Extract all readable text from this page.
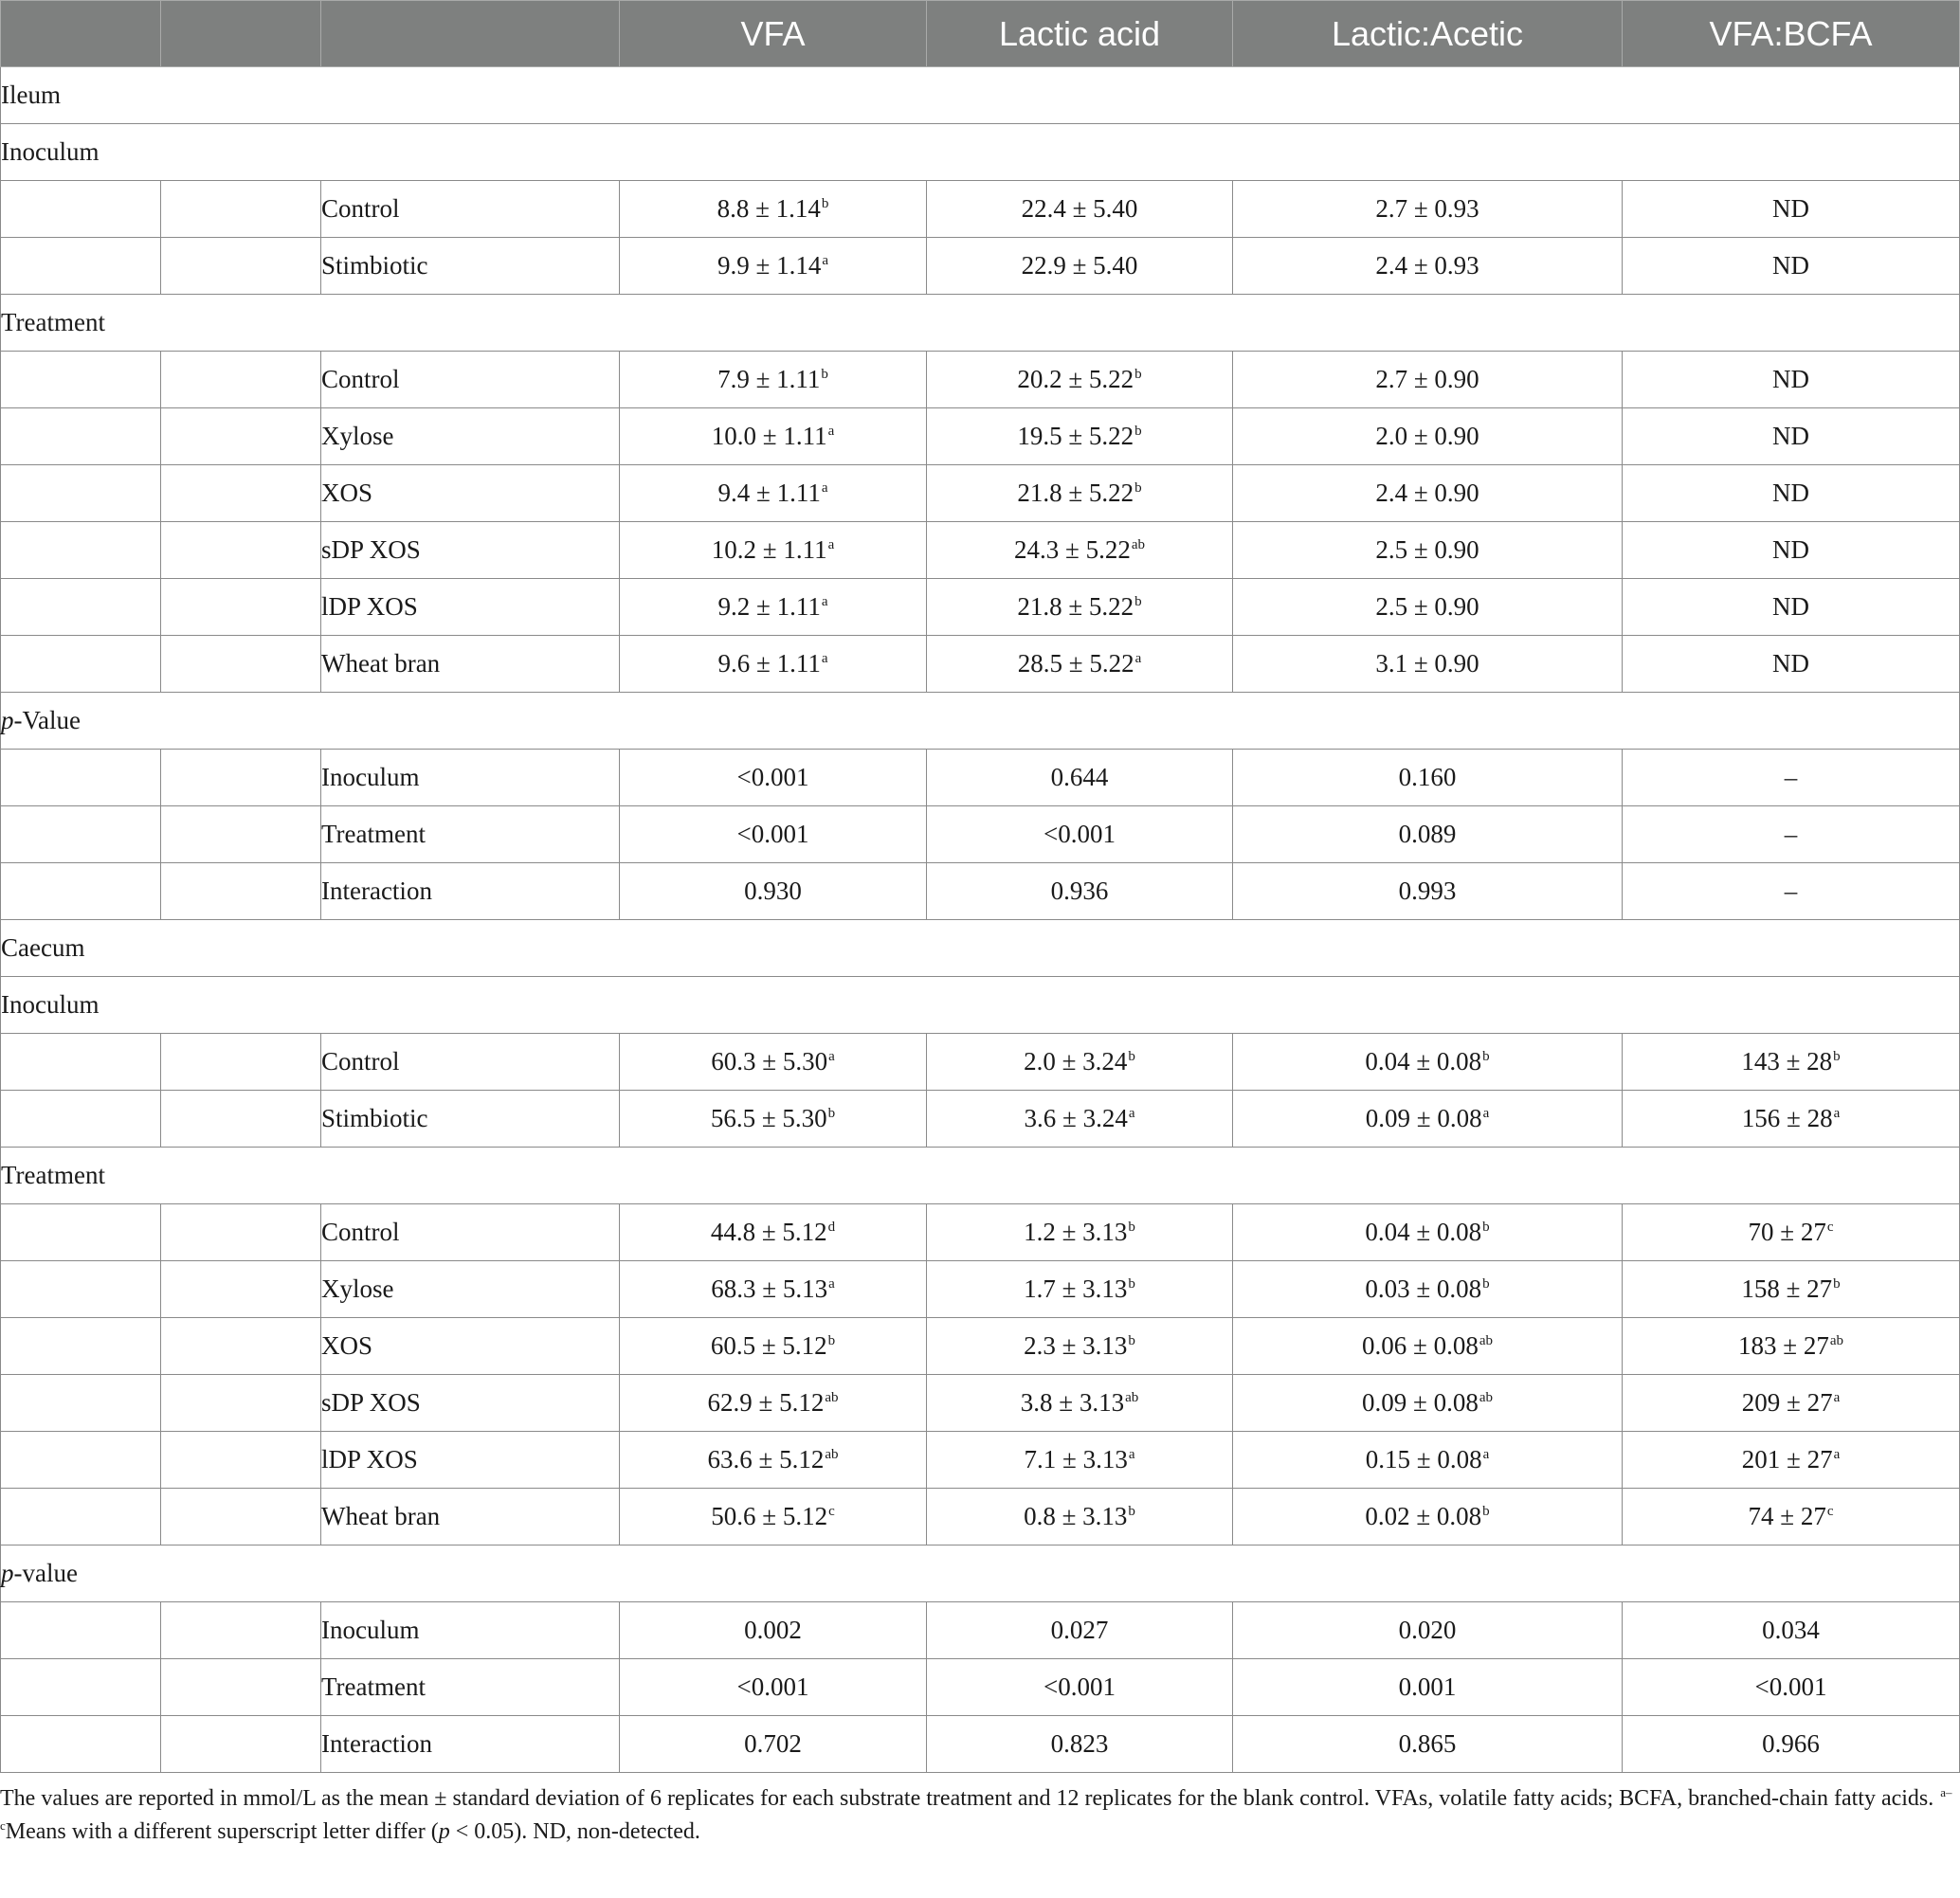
			VFA	Lactic acid	Lactic:Acetic	VFA:BCFA
Ileum						
Inoculum						
		Control	8.8 ± 1.14$^b$	22.4 ± 5.40	2.7 ± 0.93	ND
		Stimbiotic	9.9 ± 1.14$^a$	22.9 ± 5.40	2.4 ± 0.93	ND
Treatment						
		Control	7.9 ± 1.11$^b$	20.2 ± 5.22$^b$	2.7 ± 0.90	ND
		Xylose	10.0 ± 1.11$^a$	19.5 ± 5.22$^b$	2.0 ± 0.90	ND
		XOS	9.4 ± 1.11$^a$	21.8 ± 5.22$^b$	2.4 ± 0.90	ND
		sDP XOS	10.2 ± 1.11$^a$	24.3 ± 5.22$^{ab}$	2.5 ± 0.90	ND
		lDP XOS	9.2 ± 1.11$^a$	21.8 ± 5.22$^b$	2.5 ± 0.90	ND
		Wheat bran	9.6 ± 1.11$^a$	28.5 ± 5.22$^a$	3.1 ± 0.90	ND
p-Value						
		Inoculum	<0.001	0.644	0.160	–
		Treatment	<0.001	<0.001	0.089	–
		Interaction	0.930	0.936	0.993	–
Caecum						
Inoculum						
		Control	60.3 ± 5.30$^a$	2.0 ± 3.24$^b$	0.04 ± 0.08$^b$	$143 \pm 28^b$
		Stimbiotic	56.5 ± 5.30$^b$	3.6 ± 3.24$^a$	0.09 ± 0.08$^a$	$156 \pm 28^a$
Treatment						
		Control	44.8 ± 5.12$^d$	1.2 ± 3.13$^b$	0.04 ± 0.08$^b$	$70 \pm 27^c$
		Xylose	68.3 ± 5.13$^a$	1.7 ± 3.13$^b$	0.03 ± 0.08$^b$	$158 \pm 27^b$
		XOS	60.5 ± 5.12$^b$	2.3 ± 3.13$^b$	0.06 ± 0.08$^{ab}$	$183 \pm 27^{ab}$
		sDP XOS	62.9 ± 5.12$^{ab}$	3.8 ± 3.13$^{ab}$	0.09 ± 0.08$^{ab}$	$209 \pm 27^a$
		lDP XOS	63.6 ± 5.12$^{ab}$	7.1 ± 3.13$^a$	0.15 ± 0.08$^a$	$201 \pm 27^a$
		Wheat bran	50.6 ± 5.12$^c$	0.8 ± 3.13$^b$	0.02 ± 0.08$^b$	$74 \pm 27^c$
p-value						
		Inoculum	0.002	0.027	0.020	0.034
		Treatment	<0.001	<0.001	0.001	<0.001
		Interaction	0.702	0.823	0.865	0.966
The values are reported in mmol/L as the mean ± standard deviation of 6 replicates for each substrate treatment and 12 replicates for the blank control. VFAs, volatile fatty acids; BCFA, branched-chain fatty acids. $^{a-c}$Means with a different superscript letter differ (p < 0.05). ND, non-detected.
